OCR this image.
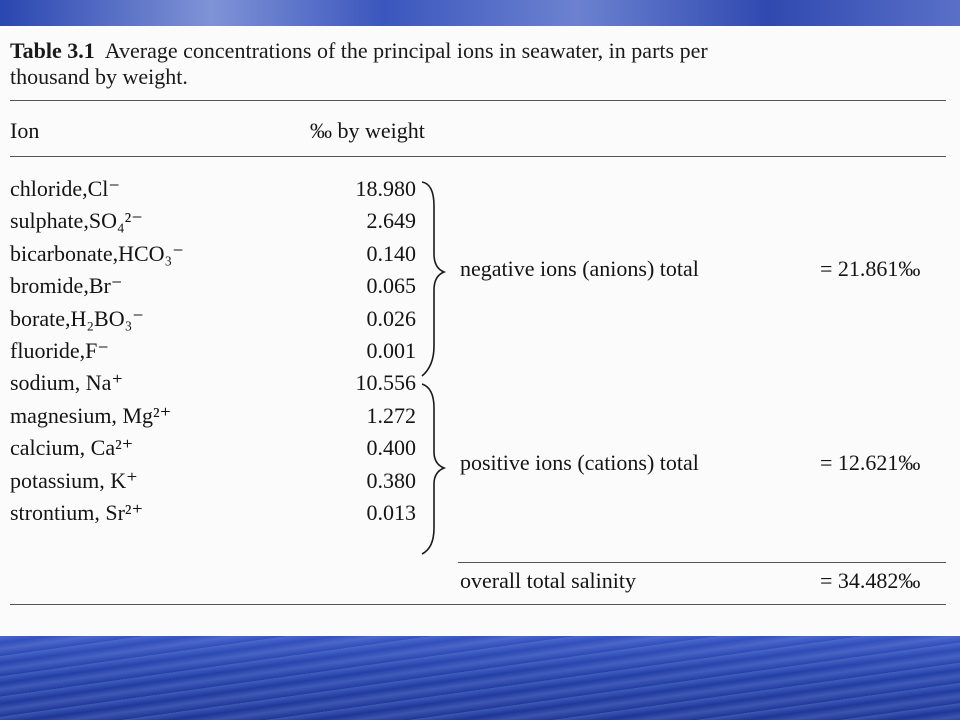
Table 3.1 Average concentrations of the principal ions in seawater, in parts per
thousand by weight.
Ion	‰ by weight
chloride,Cl⁻	18.980
sulphate,SO₄²⁻	2.649
bicarbonate,HCO₃⁻	0.140
bromide,Br⁻	0.065
borate,H₂BO₃⁻	0.026
fluoride,F⁻	0.001
sodium, Na⁺	10.556
magnesium, Mg²⁺	1.272
calcium, Ca²⁺	0.400
potassium, K⁺	0.380
strontium, Sr²⁺	0.013
negative ions (anions) total	= 21.861‰
positive ions (cations) total	= 12.621‰
overall total salinity	= 34.482‰
